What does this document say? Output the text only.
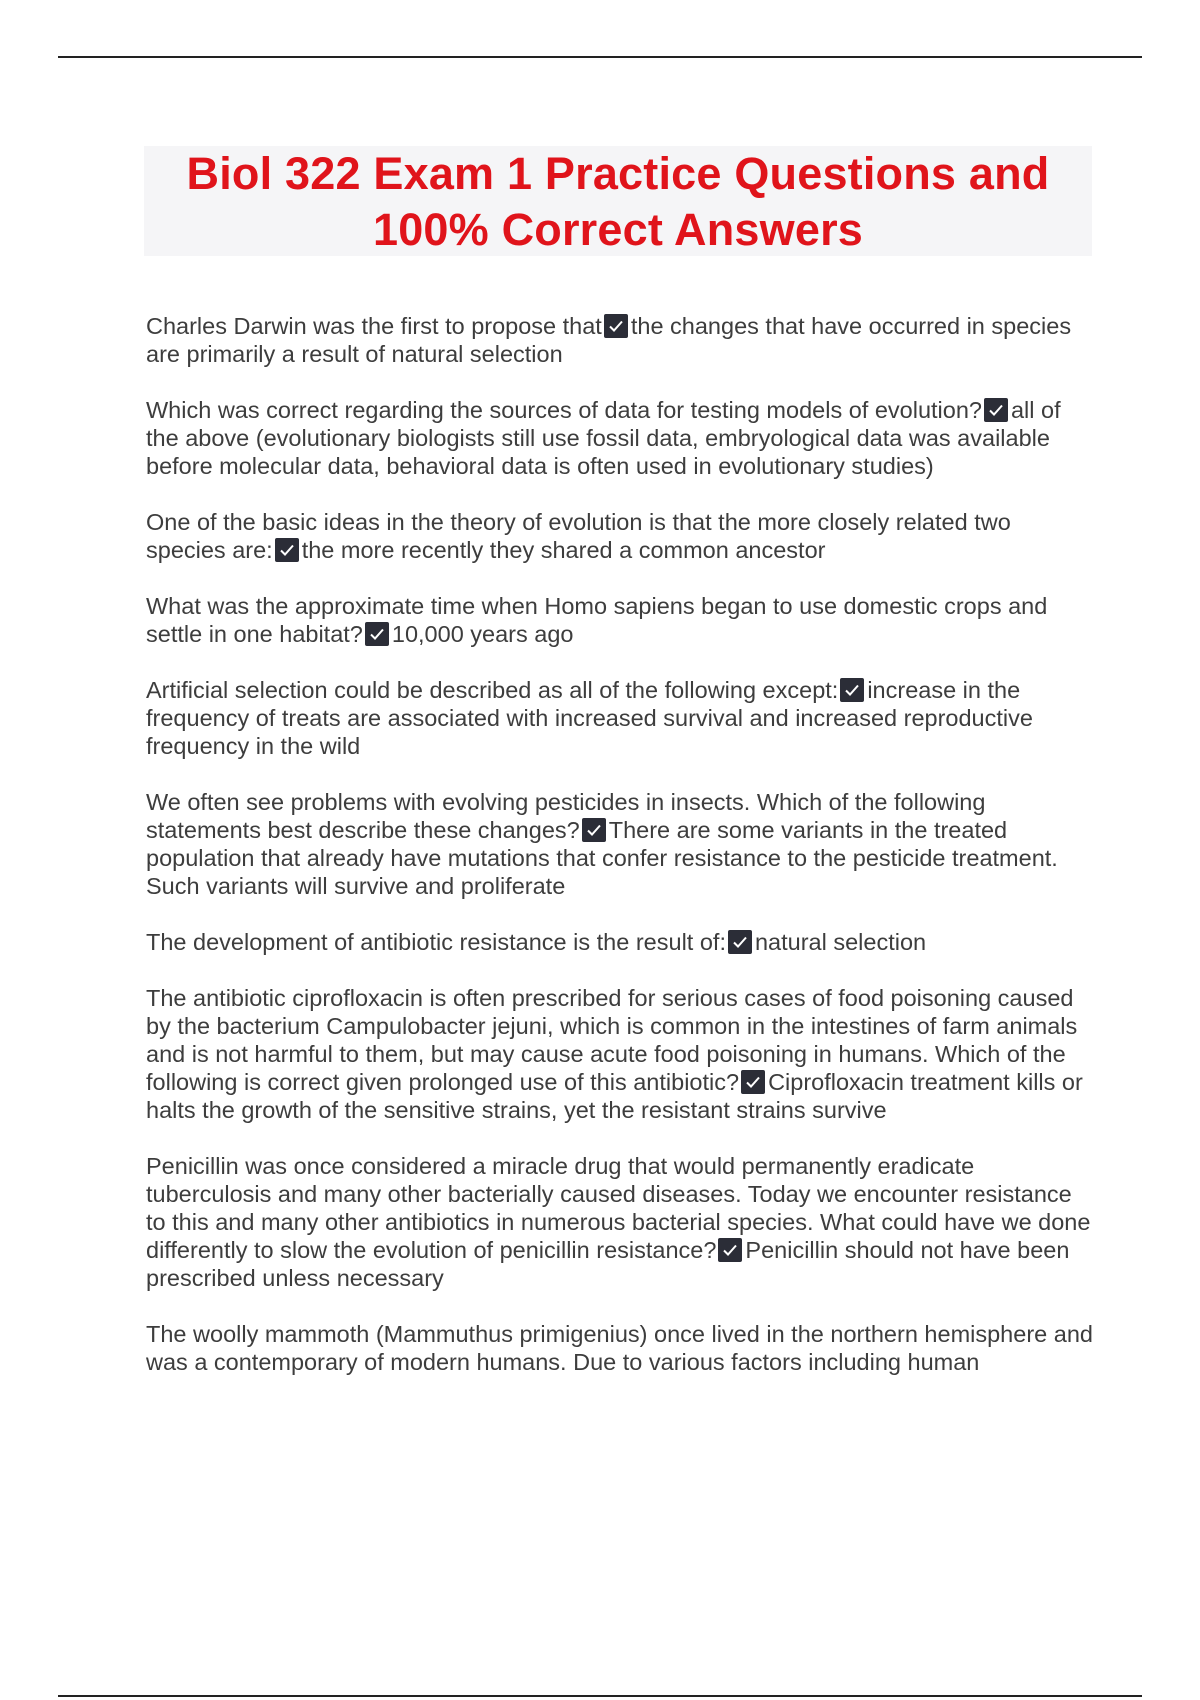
Biol 322 Exam 1 Practice Questions and
100% Correct Answers
Charles Darwin was the first to propose that the changes that have occurred in species are primarily a result of natural selection
Which was correct regarding the sources of data for testing models of evolution? all of the above (evolutionary biologists still use fossil data, embryological data was available before molecular data, behavioral data is often used in evolutionary studies)
One of the basic ideas in the theory of evolution is that the more closely related two species are: the more recently they shared a common ancestor
What was the approximate time when Homo sapiens began to use domestic crops and settle in one habitat? 10,000 years ago
Artificial selection could be described as all of the following except: increase in the frequency of treats are associated with increased survival and increased reproductive frequency in the wild
We often see problems with evolving pesticides in insects. Which of the following statements best describe these changes? There are some variants in the treated population that already have mutations that confer resistance to the pesticide treatment. Such variants will survive and proliferate
The development of antibiotic resistance is the result of: natural selection
The antibiotic ciprofloxacin is often prescribed for serious cases of food poisoning caused by the bacterium Campulobacter jejuni, which is common in the intestines of farm animals and is not harmful to them, but may cause acute food poisoning in humans. Which of the following is correct given prolonged use of this antibiotic? Ciprofloxacin treatment kills or halts the growth of the sensitive strains, yet the resistant strains survive
Penicillin was once considered a miracle drug that would permanently eradicate tuberculosis and many other bacterially caused diseases. Today we encounter resistance to this and many other antibiotics in numerous bacterial species. What could have we done differently to slow the evolution of penicillin resistance? Penicillin should not have been prescribed unless necessary
The woolly mammoth (Mammuthus primigenius) once lived in the northern hemisphere and was a contemporary of modern humans. Due to various factors including human
